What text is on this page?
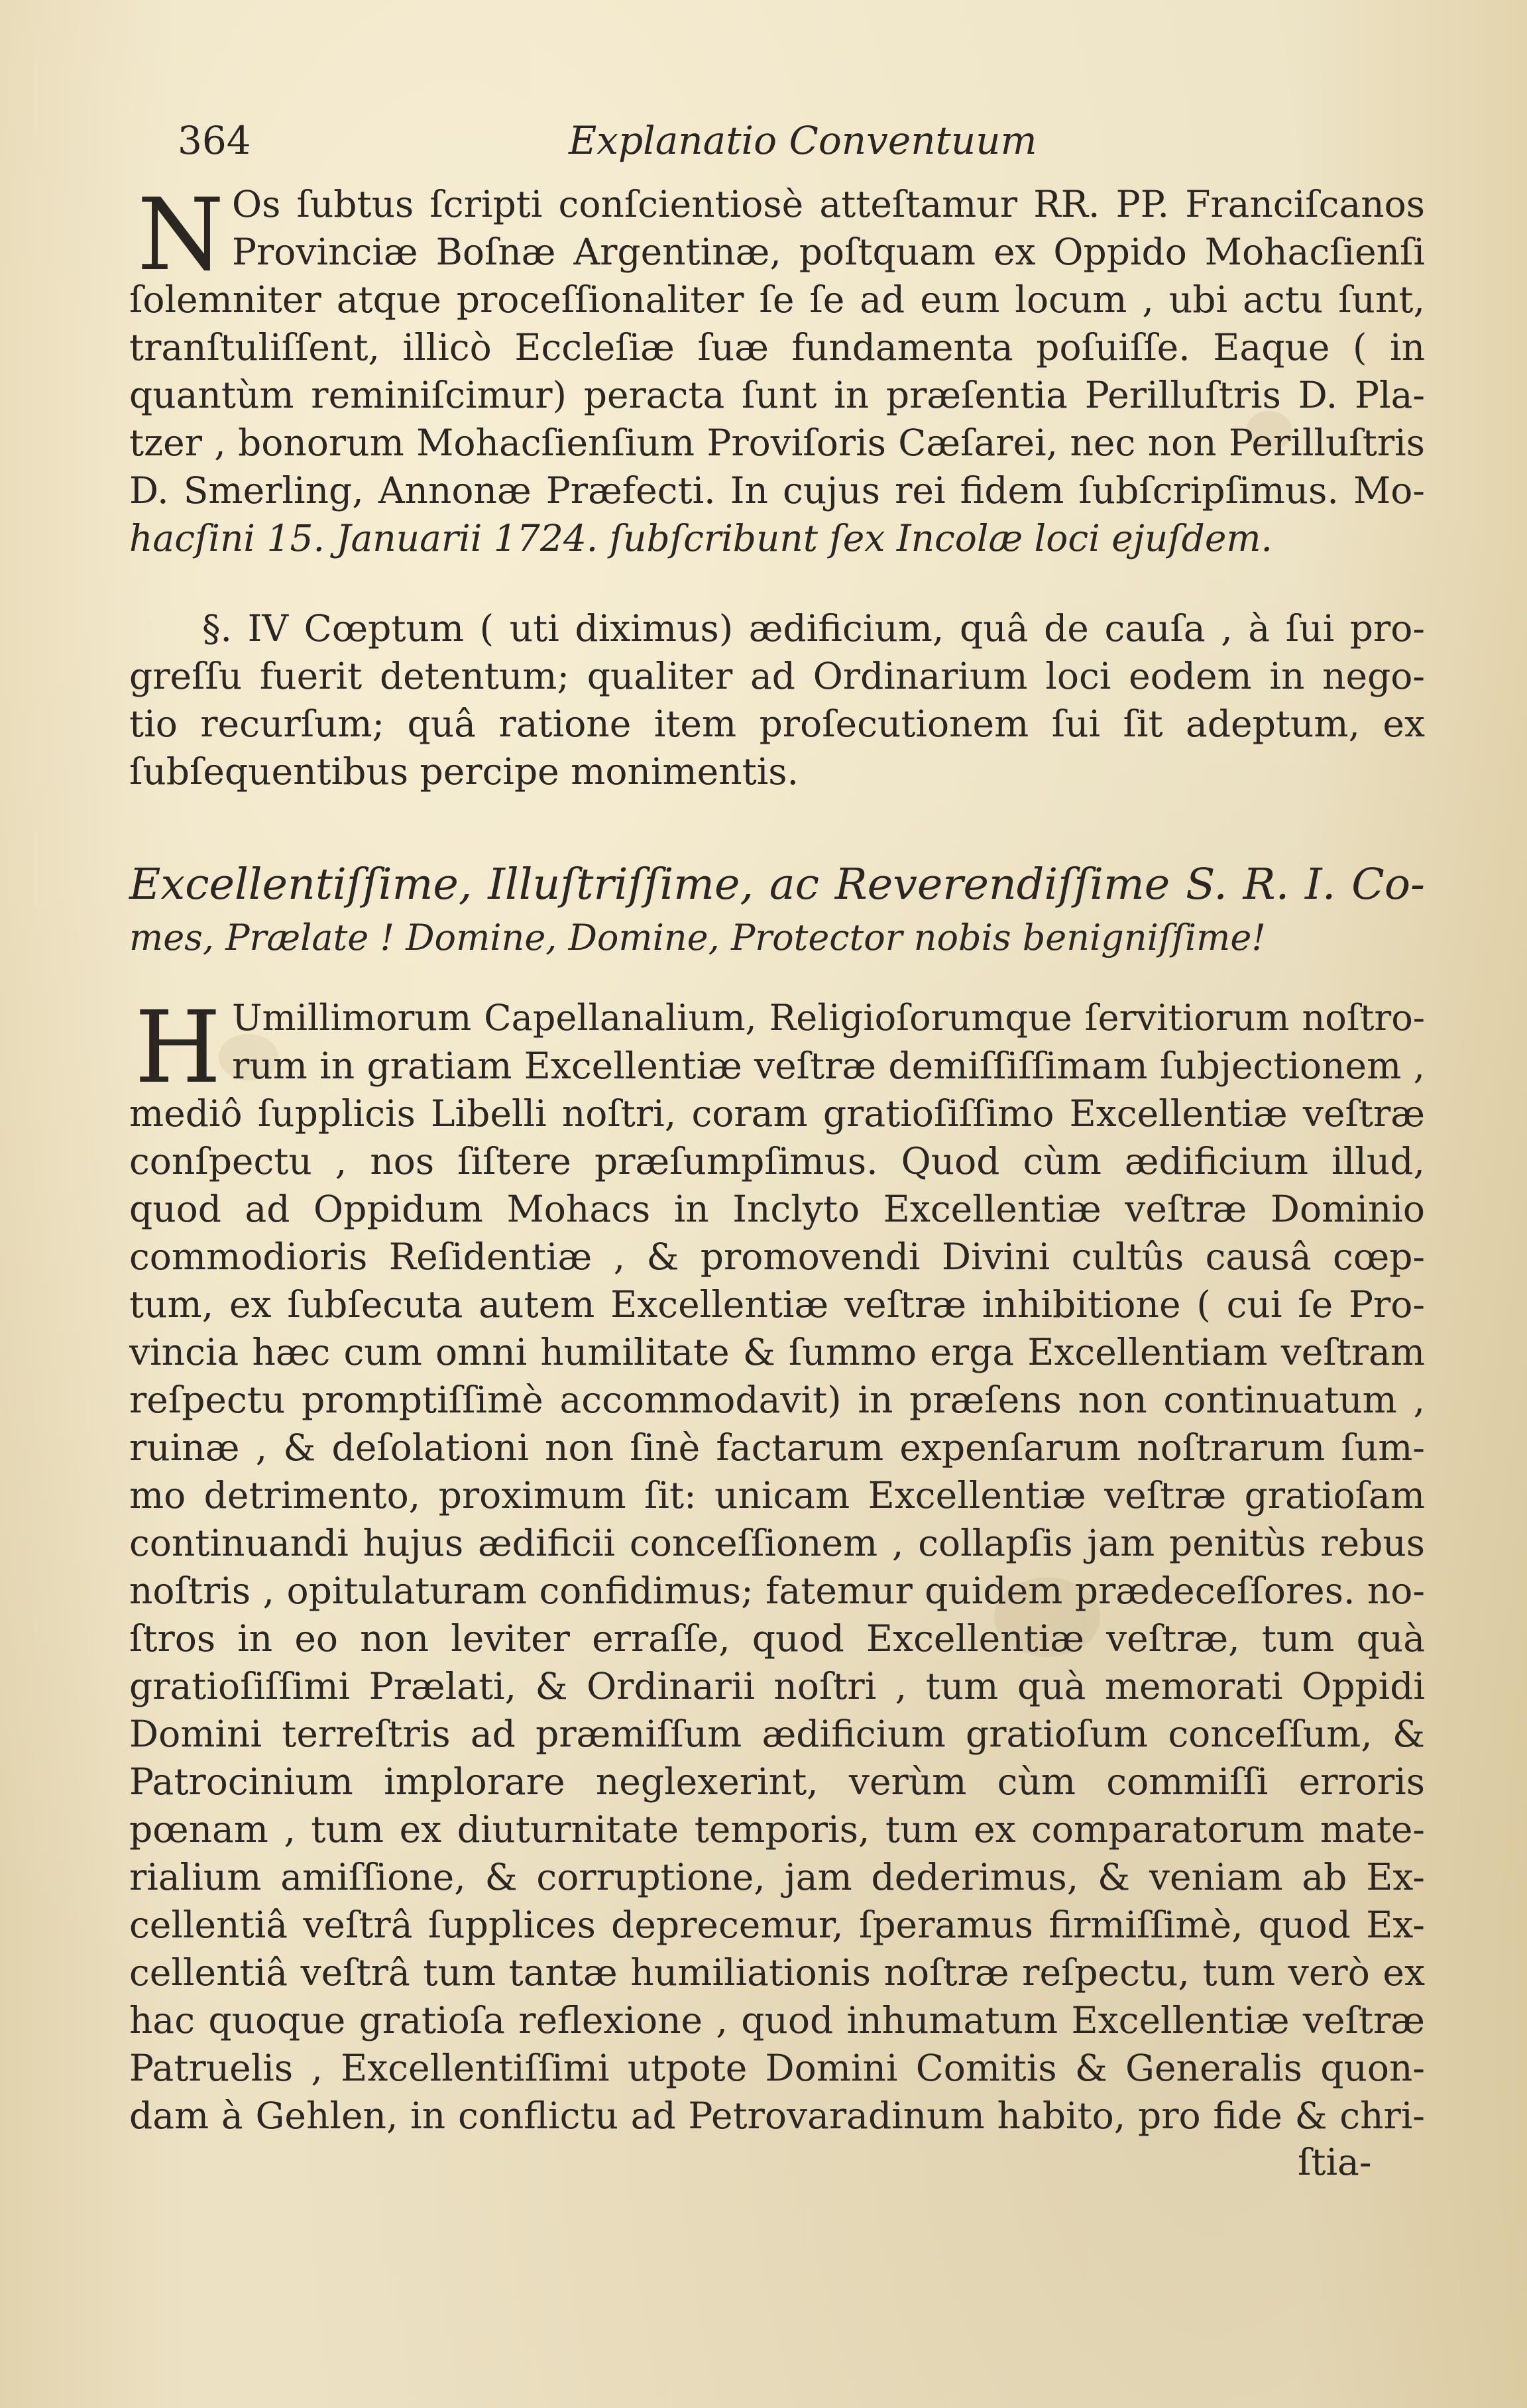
364	Explanatio Conventuum
N Os ſubtus ſcripti conſcientiosè atteſtamur RR. PP. Franciſcanos
Provinciæ Boſnæ Argentinæ, poſtquam ex Oppido Mohacſienſi
ſolemniter atque proceſſionaliter ſe ſe ad eum locum , ubi actu ſunt,
tranſtuliſſent, illicò Eccleſiæ ſuæ fundamenta poſuiſſe. Eaque ( in
quantùm reminiſcimur) peracta ſunt in præſentia Perilluſtris D. Pla-
tzer , bonorum Mohacſienſium Proviſoris Cæſarei, nec non Perilluſtris
D. Smerling, Annonæ Præfecti. In cujus rei fidem ſubſcripſimus. Mo-
hacſini 15. Januarii 1724. ſubſcribunt ſex Incolæ loci ejuſdem.
§. IV Cœptum ( uti diximus) ædificium, quâ de cauſa , à ſui pro-
greſſu fuerit detentum; qualiter ad Ordinarium loci eodem in nego-
tio recurſum; quâ ratione item proſecutionem ſui ſit adeptum, ex
ſubſequentibus percipe monimentis.
Excellentiſſime, Illuſtriſſime, ac Reverendiſſime S. R. I. Co-
mes, Prælate ! Domine, Domine, Protector nobis benigniſſime!
H Umillimorum Capellanalium, Religioſorumque ſervitiorum noſtro-
rum in gratiam Excellentiæ veſtræ demiſſiſſimam ſubjectionem ,
mediô ſupplicis Libelli noſtri, coram gratioſiſſimo Excellentiæ veſtræ
conſpectu , nos ſiſtere præſumpſimus. Quod cùm ædificium illud,
quod ad Oppidum Mohacs in Inclyto Excellentiæ veſtræ Dominio
commodioris Reſidentiæ , & promovendi Divini cultûs causâ cœp-
tum, ex ſubſecuta autem Excellentiæ veſtræ inhibitione ( cui ſe Pro-
vincia hæc cum omni humilitate & ſummo erga Excellentiam veſtram
reſpectu promptiſſimè accommodavit) in præſens non continuatum ,
ruinæ , & deſolationi non ſinè factarum expenſarum noſtrarum ſum-
mo detrimento, proximum ſit: unicam Excellentiæ veſtræ gratioſam
continuandi hujus ædificii conceſſionem , collapſis jam penitùs rebus
noſtris , opitulaturam confidimus; fatemur quidem prædeceſſores. no-
ſtros in eo non leviter erraſſe, quod Excellentiæ veſtræ, tum quà
gratioſiſſimi Prælati, & Ordinarii noſtri , tum quà memorati Oppidi
Domini terreſtris ad præmiſſum ædificium gratioſum conceſſum, &
Patrocinium implorare neglexerint, verùm cùm commiſſi erroris
pœnam , tum ex diuturnitate temporis, tum ex comparatorum mate-
rialium amiſſione, & corruptione, jam dederimus, & veniam ab Ex-
cellentiâ veſtrâ ſupplices deprecemur, ſperamus firmiſſimè, quod Ex-
cellentiâ veſtrâ tum tantæ humiliationis noſtræ reſpectu, tum verò ex
hac quoque gratioſa reflexione , quod inhumatum Excellentiæ veſtræ
Patruelis , Excellentiſſimi utpote Domini Comitis & Generalis quon-
dam à Gehlen, in conflictu ad Petrovaradinum habito, pro fide & chri-
ſtia-
